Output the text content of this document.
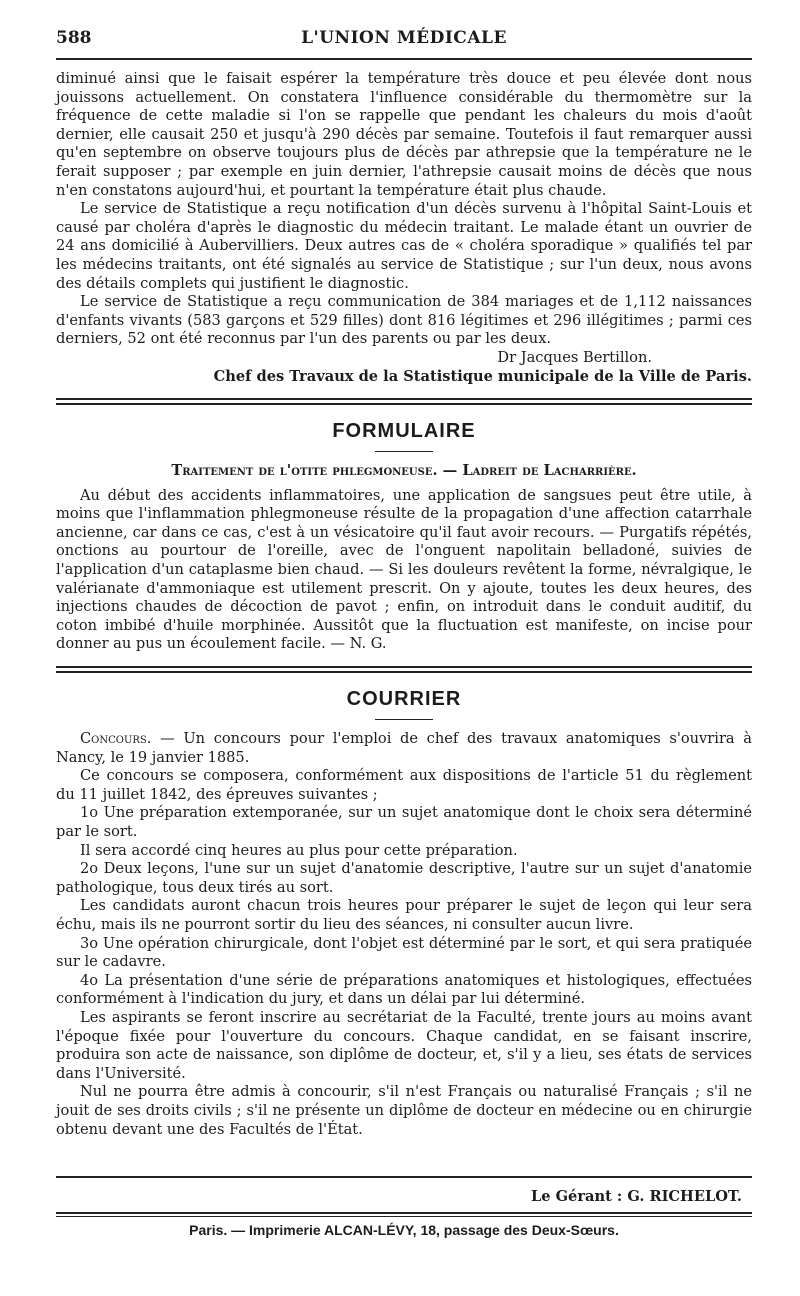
588	L'UNION MÉDICALE

diminué ainsi que le faisait espérer la température très douce et peu élevée dont nous jouissons actuellement. On constatera l'influence considérable du thermomètre sur la fréquence de cette maladie si l'on se rappelle que pendant les chaleurs du mois d'août dernier, elle causait 250 et jusqu'à 290 décès par semaine. Toutefois il faut remarquer aussi qu'en septembre on observe toujours plus de décès par athrepsie que la température ne le ferait supposer ; par exemple en juin dernier, l'athrepsie causait moins de décès que nous n'en constatons aujourd'hui, et pourtant la température était plus chaude.

Le service de Statistique a reçu notification d'un décès survenu à l'hôpital Saint-Louis et causé par choléra d'après le diagnostic du médecin traitant. Le malade étant un ouvrier de 24 ans domicilié à Aubervilliers. Deux autres cas de « choléra sporadique » qualifiés tel par les médecins traitants, ont été signalés au service de Statistique ; sur l'un deux, nous avons des détails complets qui justifient le diagnostic.

Le service de Statistique a reçu communication de 384 mariages et de 1,112 naissances d'enfants vivants (583 garçons et 529 filles) dont 816 légitimes et 296 illégitimes ; parmi ces derniers, 52 ont été reconnus par l'un des parents ou par les deux.

Dr Jacques Bertillon.

Chef des Travaux de la Statistique municipale de la Ville de Paris.

FORMULAIRE

Traitement de l'otite phlegmoneuse. — Ladreit de Lacharrière.

Au début des accidents inflammatoires, une application de sangsues peut être utile, à moins que l'inflammation phlegmoneuse résulte de la propagation d'une affection catarrhale ancienne, car dans ce cas, c'est à un vésicatoire qu'il faut avoir recours. — Purgatifs répétés, onctions au pourtour de l'oreille, avec de l'onguent napolitain belladoné, suivies de l'application d'un cataplasme bien chaud. — Si les douleurs revêtent la forme, névralgique, le valérianate d'ammoniaque est utilement prescrit. On y ajoute, toutes les deux heures, des injections chaudes de décoction de pavot ; enfin, on introduit dans le conduit auditif, du coton imbibé d'huile morphinée. Aussitôt que la fluctuation est manifeste, on incise pour donner au pus un écoulement facile. — N. G.

COURRIER

Concours. — Un concours pour l'emploi de chef des travaux anatomiques s'ouvrira à Nancy, le 19 janvier 1885.

Ce concours se composera, conformément aux dispositions de l'article 51 du règlement du 11 juillet 1842, des épreuves suivantes ;

1o Une préparation extemporanée, sur un sujet anatomique dont le choix sera déterminé par le sort.

Il sera accordé cinq heures au plus pour cette préparation.

2o Deux leçons, l'une sur un sujet d'anatomie descriptive, l'autre sur un sujet d'anatomie pathologique, tous deux tirés au sort.

Les candidats auront chacun trois heures pour préparer le sujet de leçon qui leur sera échu, mais ils ne pourront sortir du lieu des séances, ni consulter aucun livre.

3o Une opération chirurgicale, dont l'objet est déterminé par le sort, et qui sera pratiquée sur le cadavre.

4o La présentation d'une série de préparations anatomiques et histologiques, effectuées conformément à l'indication du jury, et dans un délai par lui déterminé.

Les aspirants se feront inscrire au secrétariat de la Faculté, trente jours au moins avant l'époque fixée pour l'ouverture du concours. Chaque candidat, en se faisant inscrire, produira son acte de naissance, son diplôme de docteur, et, s'il y a lieu, ses états de services dans l'Université.

Nul ne pourra être admis à concourir, s'il n'est Français ou naturalisé Français ; s'il ne jouit de ses droits civils ; s'il ne présente un diplôme de docteur en médecine ou en chirurgie obtenu devant une des Facultés de l'État.

Le Gérant : G. RICHELOT.
Paris. — Imprimerie ALCAN-LÉVY, 18, passage des Deux-Sœurs.
